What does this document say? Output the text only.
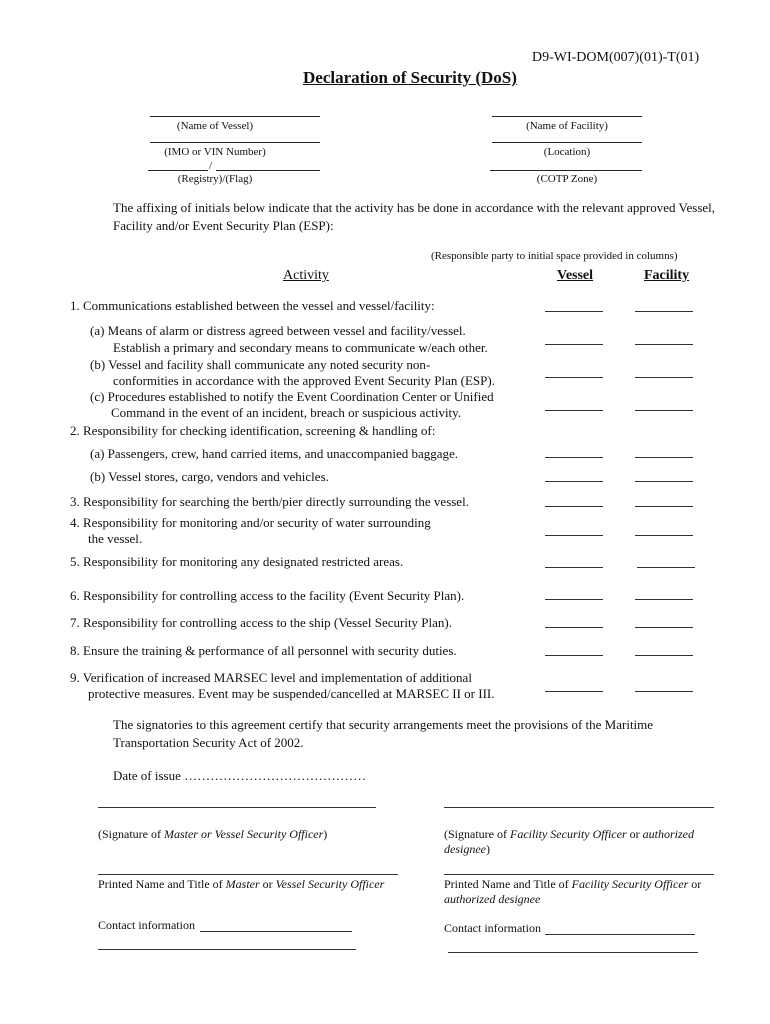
D9-WI-DOM(007)(01)-T(01)
Declaration of Security (DoS)
(Name of Vessel)
(IMO or VIN Number)
/
(Registry)/(Flag)
(Name of Facility)
(Location)
(COTP Zone)
The affixing of initials below indicate that the activity has be done in accordance with the relevant approved Vessel, Facility and/or Event Security Plan (ESP):
(Responsible party to initial space provided in columns)
Activity	Vessel	Facility
1. Communications established between the vessel and vessel/facility:
(a) Means of alarm or distress agreed between vessel and facility/vessel.
Establish a primary and secondary means to communicate w/each other.
(b) Vessel and facility shall communicate any noted security non-
conformities in accordance with the approved Event Security Plan (ESP).
(c) Procedures established to notify the Event Coordination Center or Unified
Command in the event of an incident, breach or suspicious activity.
2. Responsibility for checking identification, screening & handling of:
(a) Passengers, crew, hand carried items, and unaccompanied baggage.
(b) Vessel stores, cargo, vendors and vehicles.
3. Responsibility for searching the berth/pier directly surrounding the vessel.
4. Responsibility for monitoring and/or security of water surrounding
the vessel.
5. Responsibility for monitoring any designated restricted areas.
6. Responsibility for controlling access to the facility (Event Security Plan).
7. Responsibility for controlling access to the ship (Vessel Security Plan).
8. Ensure the training & performance of all personnel with security duties.
9. Verification of increased MARSEC level and implementation of additional
protective measures. Event may be suspended/cancelled at MARSEC II or III.
The signatories to this agreement certify that security arrangements meet the provisions of the Maritime Transportation Security Act of 2002.
Date of issue ……………………………………
(Signature of Master or Vessel Security Officer)	(Signature of Facility Security Officer or authorized
designee)
Printed Name and Title of Master or Vessel Security Officer	Printed Name and Title of Facility Security Officer or
authorized designee
Contact information	Contact information
